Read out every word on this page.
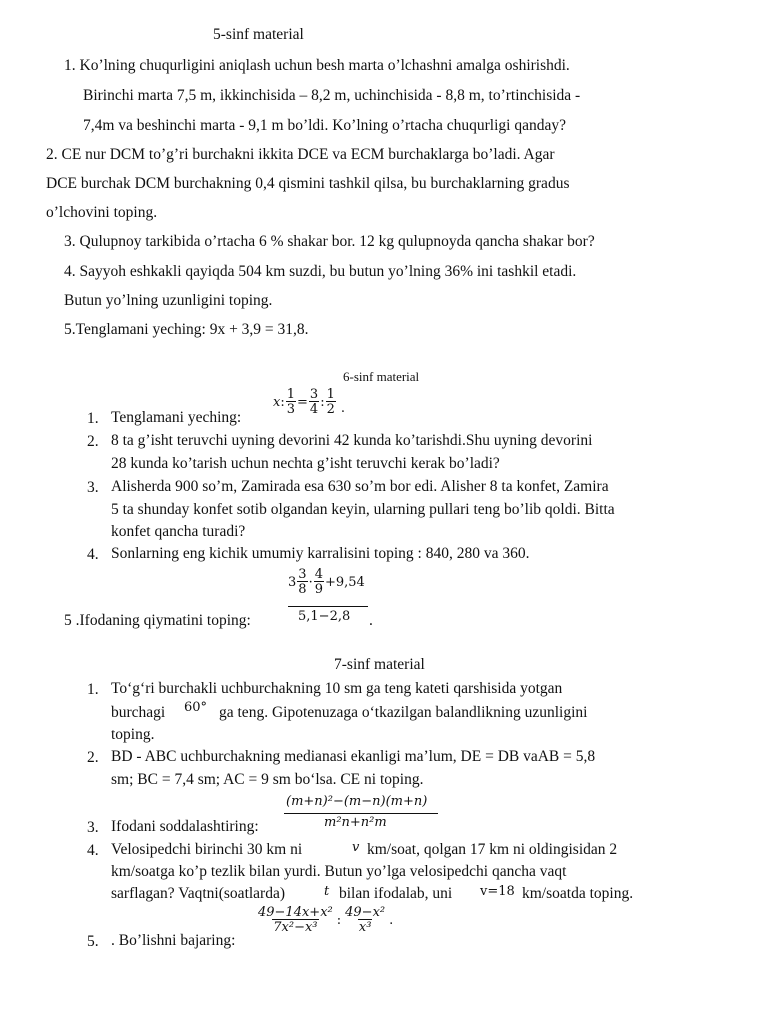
5-sinf material
1. Ko’lning chuqurligini aniqlash uchun besh marta o’lchashni amalga oshirishdi.
Birinchi marta 7,5 m, ikkinchisida – 8,2 m, uchinchisida - 8,8 m, to’rtinchisida -
7,4m va beshinchi marta - 9,1 m bo’ldi. Ko’lning o’rtacha chuqurligi qanday?
2. CE nur DCM to’g’ri burchakni ikkita DCE va ECM burchaklarga bo’ladi. Agar
DCE burchak DCM burchakning 0,4 qismini tashkil qilsa, bu burchaklarning gradus
o’lchovini toping.
3. Qulupnoy tarkibida o’rtacha 6 % shakar bor. 12 kg qulupnoyda qancha shakar bor?
4. Sayyoh eshkakli qayiqda 504 km suzdi, bu butun yo’lning 36% ini tashkil etadi.
Butun yo’lning uzunligini toping.
5.Tenglamani yeching: 9x + 3,9 = 31,8.
6-sinf material
x : $\frac{1}{3} = \frac{3}{4}$ : $\frac{1}{2}$ .
1. Tenglamani yeching:
2. 8 ta g’isht teruvchi uyning devorini 42 kunda ko’tarishdi.Shu uyning devorini
28 kunda ko’tarish uchun nechta g’isht teruvchi kerak bo’ladi?
3. Alisherda 900 so’m, Zamirada esa 630 so’m bor edi. Alisher 8 ta konfet, Zamira
5 ta shunday konfet sotib olgandan keyin, ularning pullari teng bo’lib qoldi. Bitta
konfet qancha turadi?
4. Sonlarning eng kichik umumiy karralisini toping : 840, 280 va 360.
$3 \frac{3}{8} \cdot \frac{4}{9} +9,54$
5,1−2,8
5 .Ifodaning qiymatini toping:	.
7-sinf material
1. To‘g‘ri burchakli uchburchakning 10 sm ga teng kateti qarshisida yotgan
burchagi 60° ga teng. Gipotenuzaga o‘tkazilgan balandlikning uzunligini
toping.
2. BD - ABC uchburchakning medianasi ekanligi ma’lum, DE = DB vaAB = 5,8
sm; BC = 7,4 sm; AC = 9 sm bo‘lsa. CE ni toping.
(m+n)²−(m−n)(m+n)
m²n+n²m
3. Ifodani soddalashtiring:
4. Velosipedchi birinchi 30 km ni	v km/soat, qolgan 17 km ni oldingisidan 2
km/soatga ko’p tezlik bilan yurdi. Butun yo’lga velosipedchi qancha vaqt
sarflagan? Vaqtni(soatlarda)	t bilan ifodalab, uni v=18 km/soatda toping.
$\frac{\text{49−14x+x²}}{\text{7x²−x³}}$ : $\frac{\text{49−x²}}{\text{x³}}$ .
5. . Bo’lishni bajaring:
